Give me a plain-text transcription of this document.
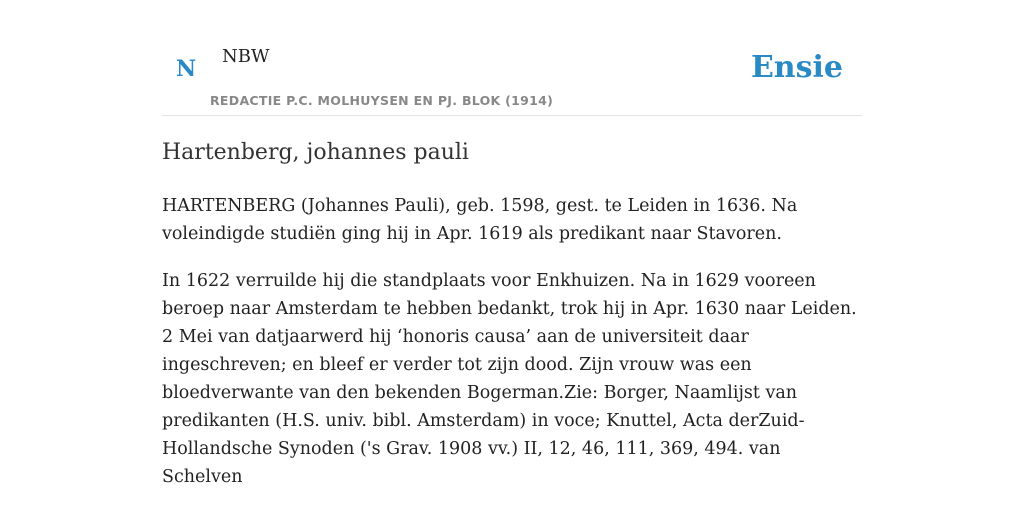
N NBW
REDACTIE P.C. MOLHUYSEN EN PJ. BLOK (1914)
Ensie
Hartenberg, johannes pauli

HARTENBERG (Johannes Pauli), geb. 1598, gest. te Leiden in 1636. Na voleindigde studiën ging hij in Apr. 1619 als predikant naar Stavoren.

In 1622 verruilde hij die standplaats voor Enkhuizen. Na in 1629 vooreen beroep naar Amsterdam te hebben bedankt, trok hij in Apr. 1630 naar Leiden. 2 Mei van datjaarwerd hij ‘honoris causa’ aan de universiteit daar ingeschreven; en bleef er verder tot zijn dood. Zijn vrouw was een bloedverwante van den bekenden Bogerman.Zie: Borger, Naamlijst van predikanten (H.S. univ. bibl. Amsterdam) in voce; Knuttel, Acta derZuid-Hollandsche Synoden ('s Grav. 1908 vv.) II, 12, 46, 111, 369, 494. van Schelven
